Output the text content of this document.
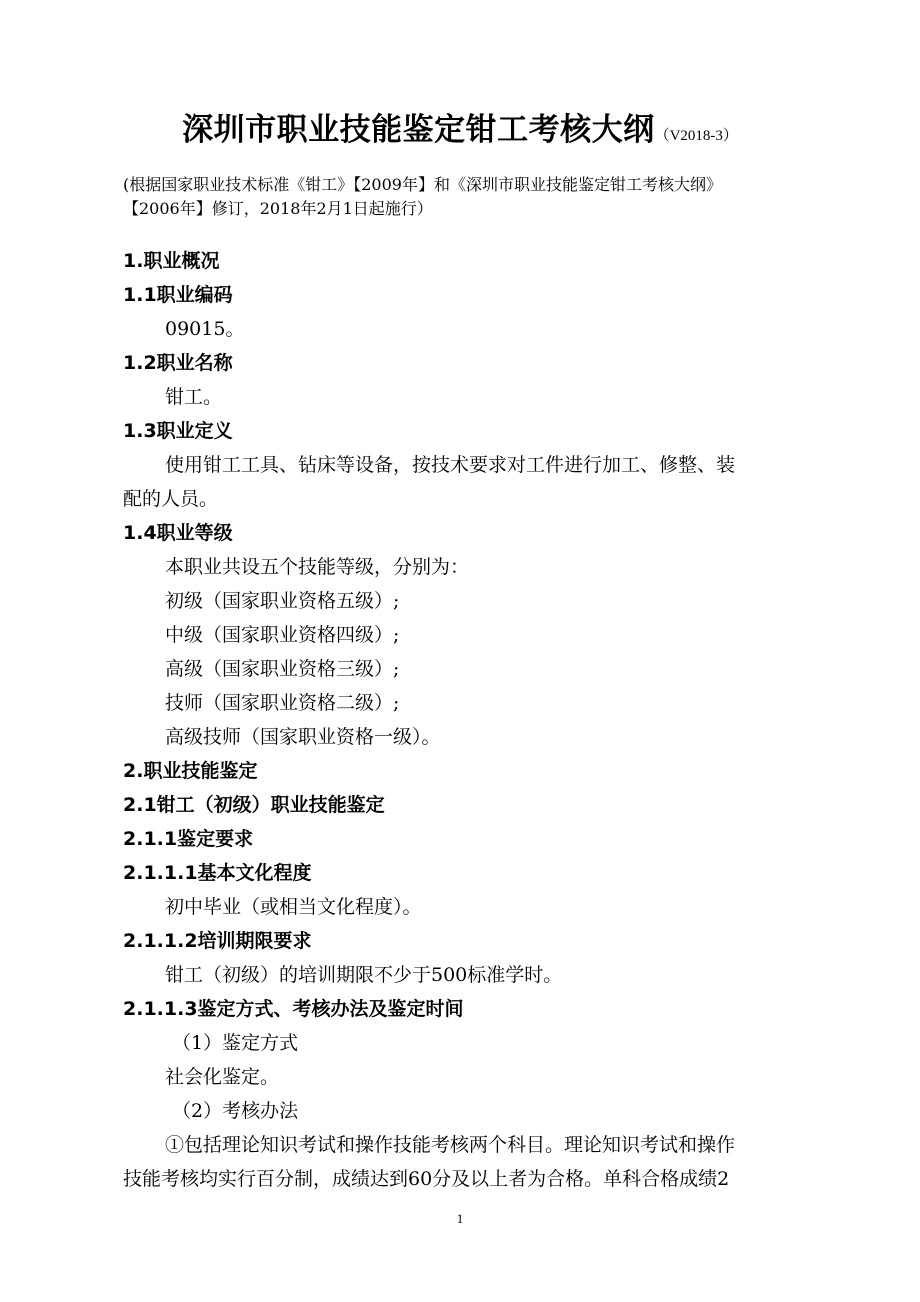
深圳市职业技能鉴定钳工考核大纲（V2018-3）
(根据国家职业技术标准《钳工》【2009年】和《深圳市职业技能鉴定钳工考核大纲》
【2006年】修订，2018年2月1日起施行）
1.职业概况
1.1职业编码
09015。
1.2职业名称
钳工。
1.3职业定义
使用钳工工具、钻床等设备，按技术要求对工件进行加工、修整、装
配的人员。
1.4职业等级
本职业共设五个技能等级，分别为：
初级（国家职业资格五级）;
中级（国家职业资格四级）;
高级（国家职业资格三级）;
技师（国家职业资格二级）;
高级技师（国家职业资格一级）。
2.职业技能鉴定
2.1钳工（初级）职业技能鉴定
2.1.1鉴定要求
2.1.1.1基本文化程度
初中毕业（或相当文化程度）。
2.1.1.2培训期限要求
钳工（初级）的培训期限不少于500标准学时。
2.1.1.3鉴定方式、考核办法及鉴定时间
（1）鉴定方式
社会化鉴定。
（2）考核办法
①包括理论知识考试和操作技能考核两个科目。理论知识考试和操作
技能考核均实行百分制，成绩达到60分及以上者为合格。单科合格成绩2
1
